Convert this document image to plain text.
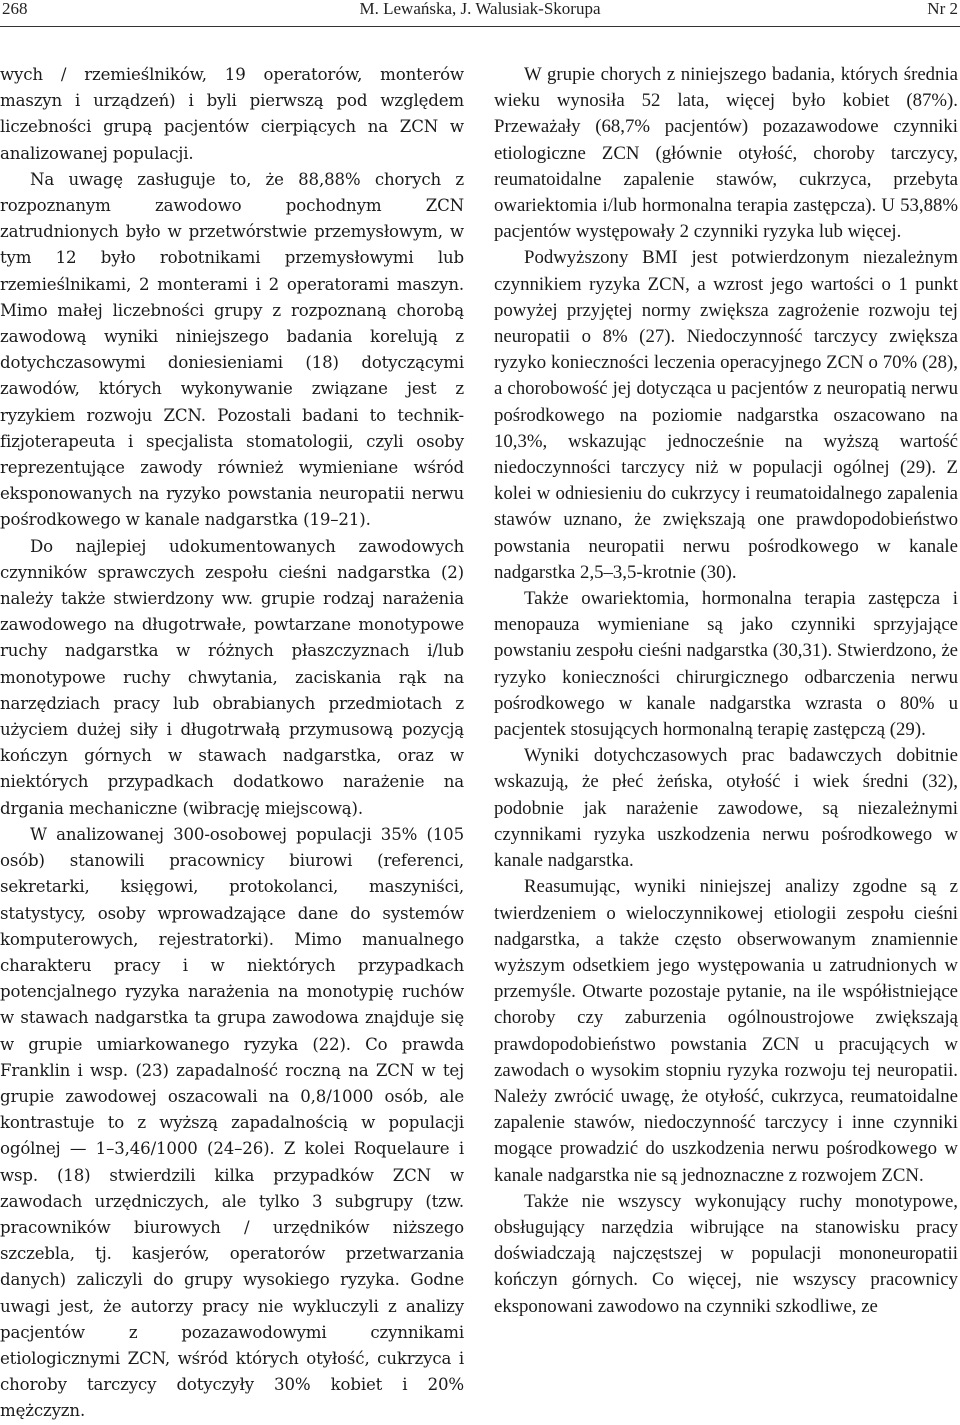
268	M. Lewańska, J. Walusiak-Skorupa	Nr 2

wych / rzemieślników, 19 operatorów, monterów maszyn i urządzeń) i byli pierwszą pod względem liczebności grupą pacjentów cierpiących na ZCN w analizowanej populacji.

Na uwagę zasługuje to, że 88,88% chorych z rozpoznanym zawodowo pochodnym ZCN zatrudnionych było w przetwórstwie przemysłowym, w tym 12 było robotnikami przemysłowymi lub rzemieślnikami, 2 monterami i 2 operatorami maszyn. Mimo małej liczebności grupy z rozpoznaną chorobą zawodową wyniki niniejszego badania korelują z dotychczasowymi doniesieniami (18) dotyczącymi zawodów, których wykonywanie związane jest z ryzykiem rozwoju ZCN. Pozostali badani to technik-fizjoterapeuta i specjalista stomatologii, czyli osoby reprezentujące zawody również wymieniane wśród eksponowanych na ryzyko powstania neuropatii nerwu pośrodkowego w kanale nadgarstka (19–21).

Do najlepiej udokumentowanych zawodowych czynników sprawczych zespołu cieśni nadgarstka (2) należy także stwierdzony ww. grupie rodzaj narażenia zawodowego na długotrwałe, powtarzane monotypowe ruchy nadgarstka w różnych płaszczyznach i/lub monotypowe ruchy chwytania, zaciskania rąk na narzędziach pracy lub obrabianych przedmiotach z użyciem dużej siły i długotrwałą przymusową pozycją kończyn górnych w stawach nadgarstka, oraz w niektórych przypadkach dodatkowo narażenie na drgania mechaniczne (wibrację miejscową).

W analizowanej 300-osobowej populacji 35% (105 osób) stanowili pracownicy biurowi (referenci, sekretarki, księgowi, protokolanci, maszyniści, statystycy, osoby wprowadzające dane do systemów komputerowych, rejestratorki). Mimo manualnego charakteru pracy i w niektórych przypadkach potencjalnego ryzyka narażenia na monotypię ruchów w stawach nadgarstka ta grupa zawodowa znajduje się w grupie umiarkowanego ryzyka (22). Co prawda Franklin i wsp. (23) zapadalność roczną na ZCN w tej grupie zawodowej oszacowali na 0,8/1000 osób, ale kontrastuje to z wyższą zapadalnością w populacji ogólnej — 1–3,46/1000 (24–26). Z kolei Roquelaure i wsp. (18) stwierdzili kilka przypadków ZCN w zawodach urzędniczych, ale tylko 3 subgrupy (tzw. pracowników biurowych / urzędników niższego szczebla, tj. kasjerów, operatorów przetwarzania danych) zaliczyli do grupy wysokiego ryzyka. Godne uwagi jest, że autorzy pracy nie wykluczyli z analizy pacjentów z pozazawodowymi czynnikami etiologicznymi ZCN, wśród których otyłość, cukrzyca i choroby tarczycy dotyczyły 30% kobiet i 20% mężczyzn.

W grupie chorych z niniejszego badania, których średnia wieku wynosiła 52 lata, więcej było kobiet (87%). Przeważały (68,7% pacjentów) pozazawodowe czynniki etiologiczne ZCN (głównie otyłość, choroby tarczycy, reumatoidalne zapalenie stawów, cukrzyca, przebyta owariektomia i/lub hormonalna terapia zastępcza). U 53,88% pacjentów występowały 2 czynniki ryzyka lub więcej.

Podwyższony BMI jest potwierdzonym niezależnym czynnikiem ryzyka ZCN, a wzrost jego wartości o 1 punkt powyżej przyjętej normy zwiększa zagrożenie rozwoju tej neuropatii o 8% (27). Niedoczynność tarczycy zwiększa ryzyko konieczności leczenia operacyjnego ZCN o 70% (28), a chorobowość jej dotycząca u pacjentów z neuropatią nerwu pośrodkowego na poziomie nadgarstka oszacowano na 10,3%, wskazując jednocześnie na wyższą wartość niedoczynności tarczycy niż w populacji ogólnej (29). Z kolei w odniesieniu do cukrzycy i reumatoidalnego zapalenia stawów uznano, że zwiększają one prawdopodobieństwo powstania neuropatii nerwu pośrodkowego w kanale nadgarstka 2,5–3,5-krotnie (30).

Także owariektomia, hormonalna terapia zastępcza i menopauza wymieniane są jako czynniki sprzyjające powstaniu zespołu cieśni nadgarstka (30,31). Stwierdzono, że ryzyko konieczności chirurgicznego odbarczenia nerwu pośrodkowego w kanale nadgarstka wzrasta o 80% u pacjentek stosujących hormonalną terapię zastępczą (29).

Wyniki dotychczasowych prac badawczych dobitnie wskazują, że płeć żeńska, otyłość i wiek średni (32), podobnie jak narażenie zawodowe, są niezależnymi czynnikami ryzyka uszkodzenia nerwu pośrodkowego w kanale nadgarstka.

Reasumując, wyniki niniejszej analizy zgodne są z twierdzeniem o wieloczynnikowej etiologii zespołu cieśni nadgarstka, a także często obserwowanym znamiennie wyższym odsetkiem jego występowania u zatrudnionych w przemyśle. Otwarte pozostaje pytanie, na ile współistniejące choroby czy zaburzenia ogólnoustrojowe zwiększają prawdopodobieństwo powstania ZCN u pracujących w zawodach o wysokim stopniu ryzyka rozwoju tej neuropatii. Należy zwrócić uwagę, że otyłość, cukrzyca, reumatoidalne zapalenie stawów, niedoczynność tarczycy i inne czynniki mogące prowadzić do uszkodzenia nerwu pośrodkowego w kanale nadgarstka nie są jednoznaczne z rozwojem ZCN.

Także nie wszyscy wykonujący ruchy monotypowe, obsługujący narzędzia wibrujące na stanowisku pracy doświadczają najczęstszej w populacji mononeuropatii kończyn górnych. Co więcej, nie wszyscy pracownicy eksponowani zawodowo na czynniki szkodliwe, ze
